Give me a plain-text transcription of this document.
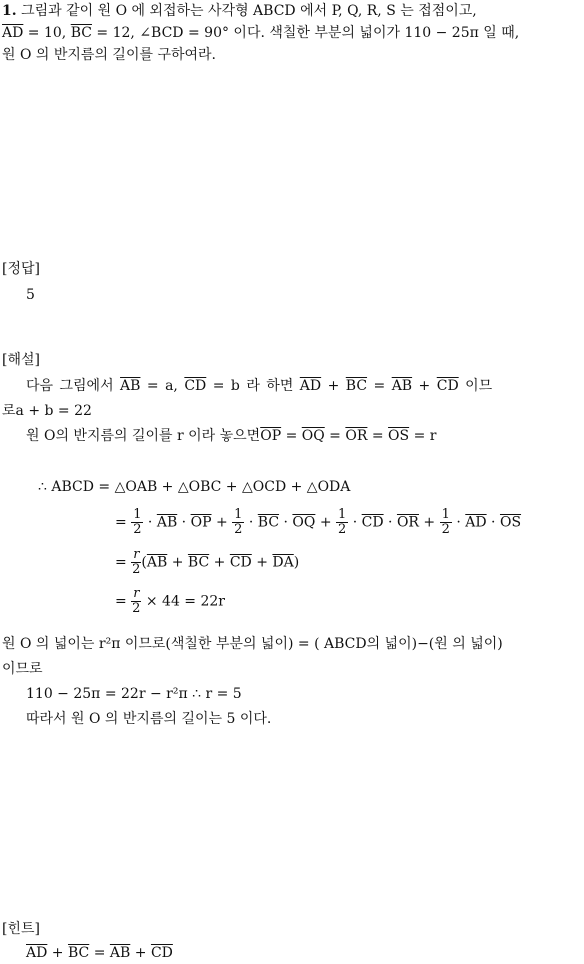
1. 그림과 같이 원 O 에 외접하는 사각형 ABCD 에서 P, Q, R, S 는 접점이고,
$\overline{AD} = 10$, $\overline{BC} = 12$, ∠BCD = 90° 이다. 색칠한 부분의 넓이가 110 − 25π 일 때,
원 O 의 반지름의 길이를 구하여라.
[정답]
5
[해설]
다음 그림에서 $\overline{AB} = a$, $\overline{CD} = b$ 라 하면 $\overline{AD} + \overline{BC} = \overline{AB} + \overline{CD}$ 이므
로a + b = 22
원 O의 반지름의 길이를 r 이라 놓으면$\overline{OP} = \overline{OQ} = \overline{OR} = \overline{OS} = r$
∴ ABCD = △OAB + △OBC + △OCD + △ODA
= $\frac{1}{2} \cdot \overline{AB} \cdot \overline{OP} + \frac{1}{2} \cdot \overline{BC} \cdot \overline{OQ} + \frac{1}{2} \cdot \overline{CD} \cdot \overline{OR} + \frac{1}{2} \cdot \overline{AD} \cdot \overline{OS}$
= $\frac{r}{2} (\overline{AB} + \overline{BC} + \overline{CD} + \overline{DA})$
= $\frac{r}{2} \times 44 = 22r$
원 O 의 넓이는 r²π 이므로(색칠한 부분의 넓이) = ( ABCD의 넓이)−(원 의 넓이)
이므로
110 − 25π = 22r − r²π ∴ r = 5
따라서 원 O 의 반지름의 길이는 5 이다.
[힌트]
$\overline{AD} + \overline{BC} = \overline{AB} + \overline{CD}$
